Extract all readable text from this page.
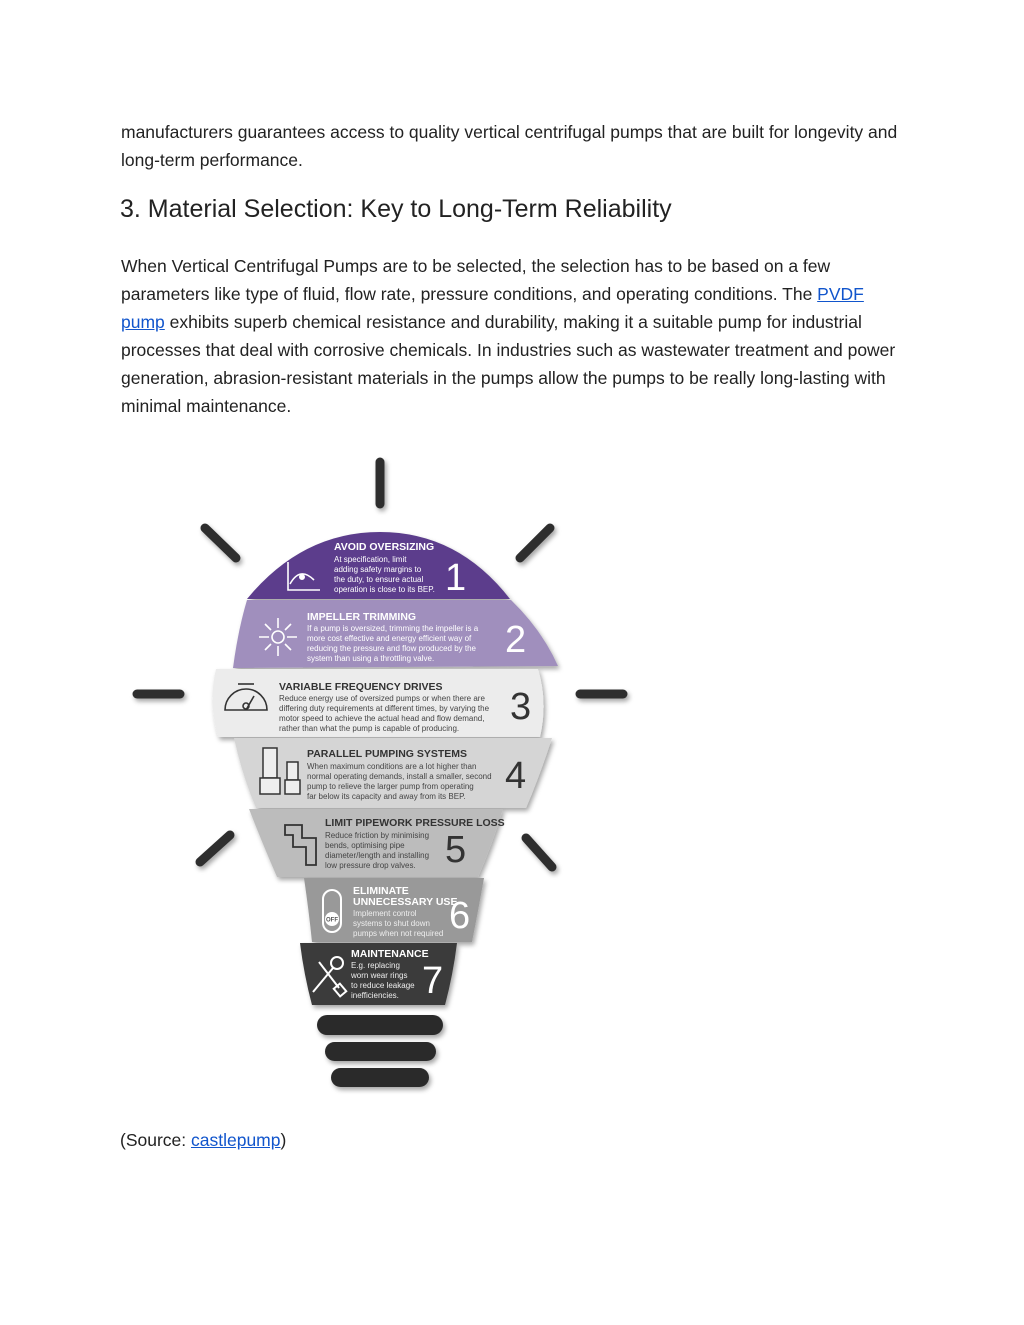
manufacturers guarantees access to quality vertical centrifugal pumps that are built for longevity and long-term performance.

3. Material Selection: Key to Long-Term Reliability

When Vertical Centrifugal Pumps are to be selected, the selection has to be based on a few parameters like type of fluid, flow rate, pressure conditions, and operating conditions. The PVDF pump exhibits superb chemical resistance and durability, making it a suitable pump for industrial processes that deal with corrosive chemicals. In industries such as wastewater treatment and power generation, abrasion-resistant materials in the pumps allow the pumps to be really long-lasting with minimal maintenance.

AVOID OVERSIZING
At specification, limit
adding safety margins to
the duty, to ensure actual
operation is close to its BEP. 1
IMPELLER TRIMMING
If a pump is oversized, trimming the impeller is a
more cost effective and energy efficient way of
reducing the pressure and flow produced by the
system than using a throttling valve. 2
VARIABLE FREQUENCY DRIVES
Reduce energy use of oversized pumps or when there are
differing duty requirements at different times, by varying the
motor speed to achieve the actual head and flow demand,
rather than what the pump is capable of producing.
3
PARALLEL PUMPING SYSTEMS
When maximum conditions are a lot higher than
normal operating demands, install a smaller, second
pump to relieve the larger pump from operating
far below its capacity and away from its BEP. 4
LIMIT PIPEWORK PRESSURE LOSS
Reduce friction by minimising
bends, optimising pipe
diameter/length and installing
low pressure drop valves. 5
OFF
ELIMINATE
UNNECESSARY USE
Implement control
systems to shut down
pumps when not required 6
MAINTENANCE
E.g. replacing
worn wear rings
to reduce leakage
inefficiencies. 7

(Source: castlepump)
